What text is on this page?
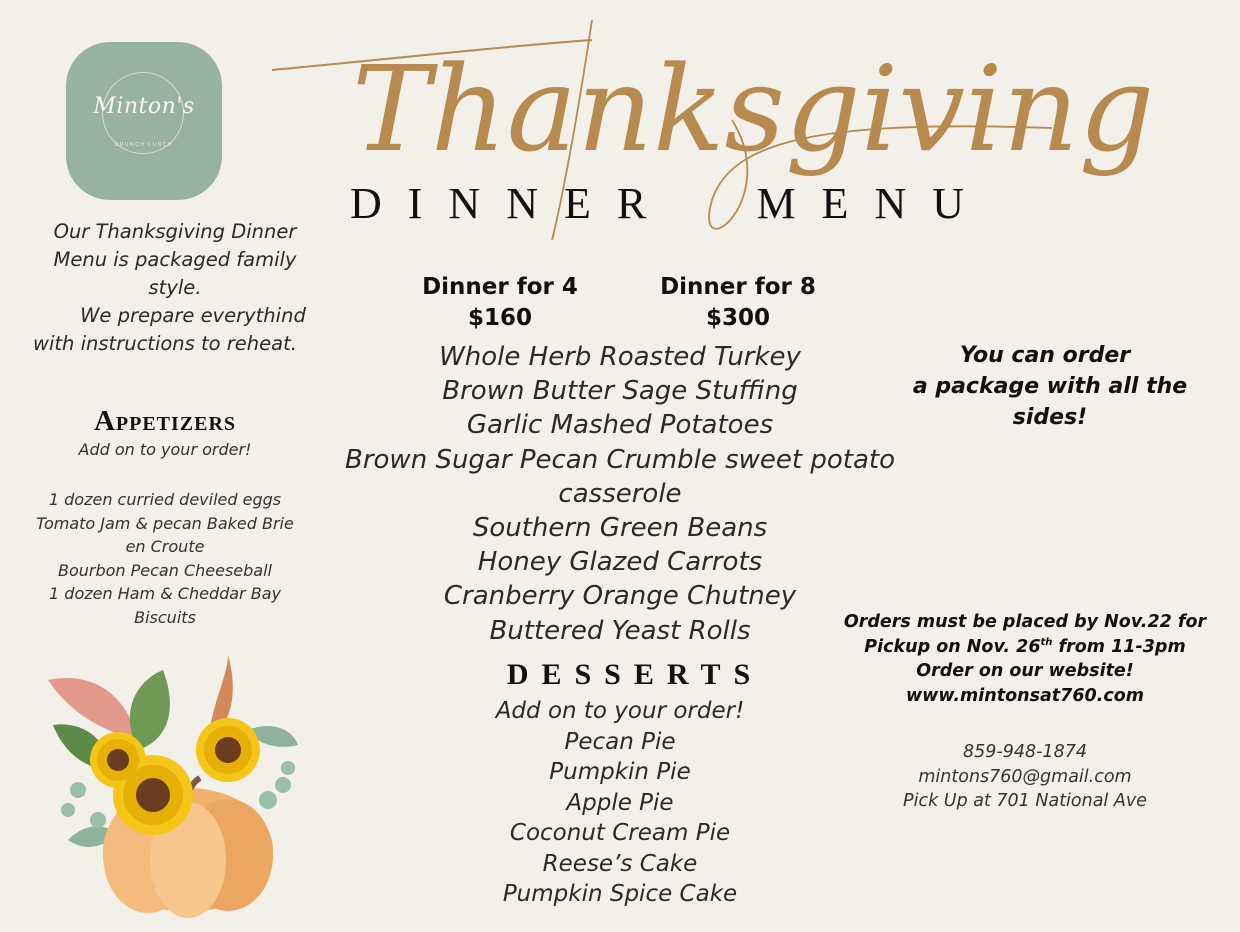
Minton's
BRUNCH LUNCH	Thanksgiving
DINNER MENU
Our Thanksgiving Dinner
Menu is packaged family
style.
We prepare everythind
with instructions to reheat.
Appetizers
Add on to your order!
1 dozen curried deviled eggs
Tomato Jam & pecan Baked Brie
en Croute
Bourbon Pecan Cheeseball
1 dozen Ham & Cheddar Bay
Biscuits
Dinner for 4
$160
Dinner for 8
$300
Whole Herb Roasted Turkey
Brown Butter Sage Stuffing
Garlic Mashed Potatoes
Brown Sugar Pecan Crumble sweet potato casserole
Southern Green Beans
Honey Glazed Carrots
Cranberry Orange Chutney
Buttered Yeast Rolls
DESSERTS
Add on to your order!
Pecan Pie
Pumpkin Pie
Apple Pie
Coconut Cream Pie
Reese’s Cake
Pumpkin Spice Cake
You can order
a package with all the
sides!
Orders must be placed by Nov.22 for
Pickup on Nov. 26th from 11-3pm
Order on our website!
www.mintonsat760.com
859-948-1874
mintons760@gmail.com
Pick Up at 701 National Ave
